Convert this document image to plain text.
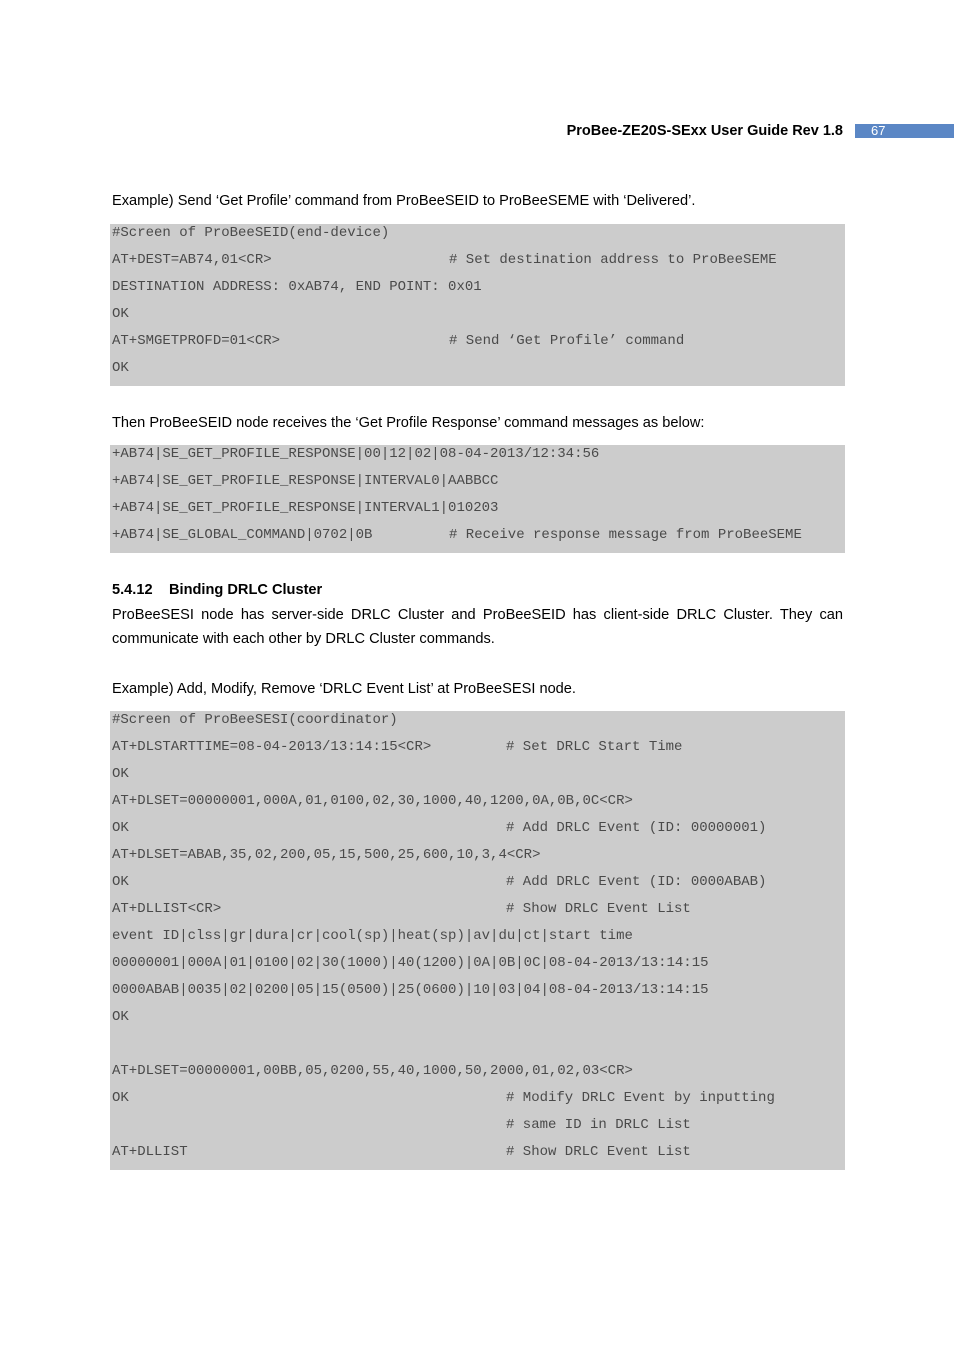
ProBee-ZE20S-SExx User Guide Rev 1.8	67
Example) Send ‘Get Profile’ command from ProBeeSEID to ProBeeSEME with ‘Delivered’.
#Screen of ProBeeSEID(end-device)
AT+DEST=AB74,01<CR>	# Set destination address to ProBeeSEME
DESTINATION ADDRESS: 0xAB74, END POINT: 0x01
OK
AT+SMGETPROFD=01<CR>	# Send ‘Get Profile’ command
OK
Then ProBeeSEID node receives the ‘Get Profile Response’ command messages as below:
+AB74|SE_GET_PROFILE_RESPONSE|00|12|02|08-04-2013/12:34:56
+AB74|SE_GET_PROFILE_RESPONSE|INTERVAL0|AABBCC
+AB74|SE_GET_PROFILE_RESPONSE|INTERVAL1|010203
+AB74|SE_GLOBAL_COMMAND|0702|0B	# Receive response message from ProBeeSEME
5.4.12 Binding DRLC Cluster
ProBeeSESI node has server-side DRLC Cluster and ProBeeSEID has client-side DRLC Cluster. They can communicate with each other by DRLC Cluster commands.
Example) Add, Modify, Remove ‘DRLC Event List’ at ProBeeSESI node.
#Screen of ProBeeSESI(coordinator)
AT+DLSTARTTIME=08-04-2013/13:14:15<CR>	# Set DRLC Start Time
OK
AT+DLSET=00000001,000A,01,0100,02,30,1000,40,1200,0A,0B,0C<CR>
OK	# Add DRLC Event (ID: 00000001)
AT+DLSET=ABAB,35,02,200,05,15,500,25,600,10,3,4<CR>
OK	# Add DRLC Event (ID: 0000ABAB)
AT+DLLIST<CR>	# Show DRLC Event List
event ID|clss|gr|dura|cr|cool(sp)|heat(sp)|av|du|ct|start time
00000001|000A|01|0100|02|30(1000)|40(1200)|0A|0B|0C|08-04-2013/13:14:15
0000ABAB|0035|02|0200|05|15(0500)|25(0600)|10|03|04|08-04-2013/13:14:15
OK
AT+DLSET=00000001,00BB,05,0200,55,40,1000,50,2000,01,02,03<CR>
OK	# Modify DRLC Event by inputting
# same ID in DRLC List
AT+DLLIST	# Show DRLC Event List
